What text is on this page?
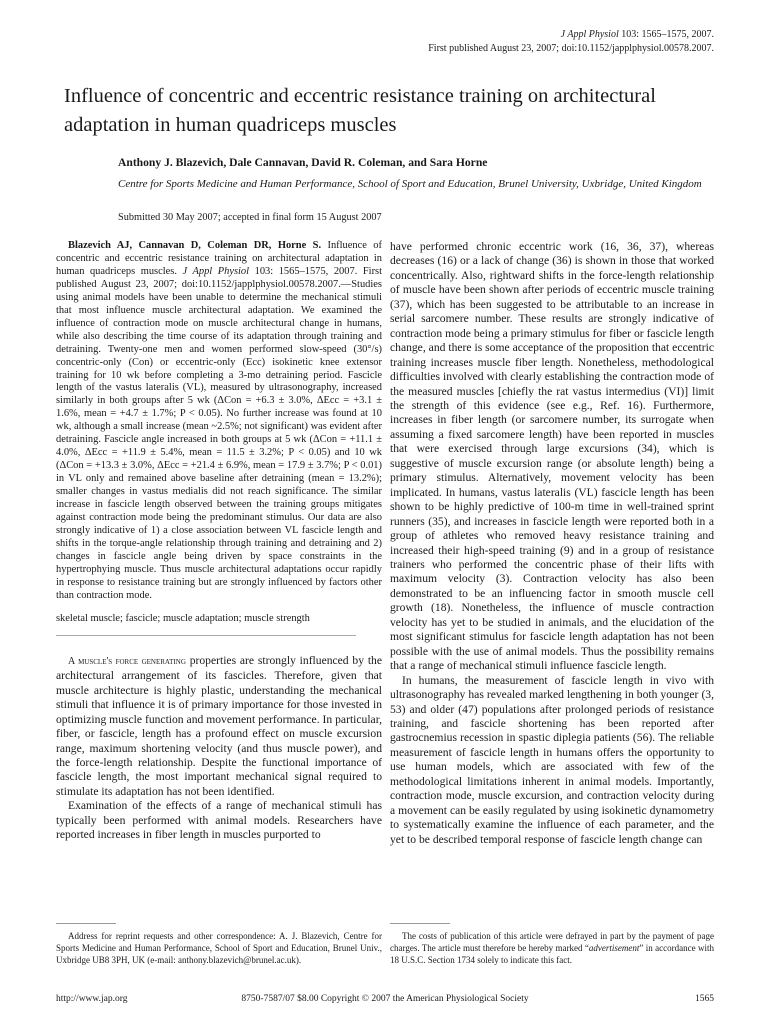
J Appl Physiol 103: 1565–1575, 2007.
First published August 23, 2007; doi:10.1152/japplphysiol.00578.2007.
Influence of concentric and eccentric resistance training on architectural adaptation in human quadriceps muscles
Anthony J. Blazevich, Dale Cannavan, David R. Coleman, and Sara Horne
Centre for Sports Medicine and Human Performance, School of Sport and Education, Brunel University, Uxbridge, United Kingdom
Submitted 30 May 2007; accepted in final form 15 August 2007

Blazevich AJ, Cannavan D, Coleman DR, Horne S. Influence of concentric and eccentric resistance training on architectural adaptation in human quadriceps muscles. J Appl Physiol 103: 1565–1575, 2007. First published August 23, 2007; doi:10.1152/japplphysiol.00578.2007.—Studies using animal models have been unable to determine the mechanical stimuli that most influence muscle architectural adaptation. We examined the influence of contraction mode on muscle architectural change in humans, while also describing the time course of its adaptation through training and detraining. Twenty-one men and women performed slow-speed (30°/s) concentric-only (Con) or eccentric-only (Ecc) isokinetic knee extensor training for 10 wk before completing a 3-mo detraining period. Fascicle length of the vastus lateralis (VL), measured by ultrasonography, increased similarly in both groups after 5 wk (ΔCon = +6.3 ± 3.0%, ΔEcc = +3.1 ± 1.6%, mean = +4.7 ± 1.7%; P < 0.05). No further increase was found at 10 wk, although a small increase (mean ~2.5%; not significant) was evident after detraining. Fascicle angle increased in both groups at 5 wk (ΔCon = +11.1 ± 4.0%, ΔEcc = +11.9 ± 5.4%, mean = 11.5 ± 3.2%; P < 0.05) and 10 wk (ΔCon = +13.3 ± 3.0%, ΔEcc = +21.4 ± 6.9%, mean = 17.9 ± 3.7%; P < 0.01) in VL only and remained above baseline after detraining (mean = 13.2%); smaller changes in vastus medialis did not reach significance. The similar increase in fascicle length observed between the training groups mitigates against contraction mode being the predominant stimulus. Our data are also strongly indicative of 1) a close association between VL fascicle length and shifts in the torque-angle relationship through training and detraining and 2) changes in fascicle angle being driven by space constraints in the hypertrophying muscle. Thus muscle architectural adaptations occur rapidly in response to resistance training but are strongly influenced by factors other than contraction mode.

skeletal muscle; fascicle; muscle adaptation; muscle strength

A muscle's force generating properties are strongly influenced by the architectural arrangement of its fascicles. Therefore, given that muscle architecture is highly plastic, understanding the mechanical stimuli that influence it is of primary importance for those invested in optimizing muscle function and movement performance. In particular, fiber, or fascicle, length has a profound effect on muscle excursion range, maximum shortening velocity (and thus muscle power), and the force-length relationship. Despite the functional importance of fascicle length, the most important mechanical signal required to stimulate its adaptation has not been identified.

Examination of the effects of a range of mechanical stimuli has typically been performed with animal models. Researchers have reported increases in fiber length in muscles purported to

have performed chronic eccentric work (16, 36, 37), whereas decreases (16) or a lack of change (36) is shown in those that worked concentrically. Also, rightward shifts in the force-length relationship of muscle have been shown after periods of eccentric muscle training (37), which has been suggested to be attributable to an increase in serial sarcomere number. These results are strongly indicative of contraction mode being a primary stimulus for fiber or fascicle length change, and there is some acceptance of the proposition that eccentric training increases muscle fiber length. Nonetheless, methodological difficulties involved with clearly establishing the contraction mode of the measured muscles [chiefly the rat vastus intermedius (VI)] limit the strength of this evidence (see e.g., Ref. 16). Furthermore, increases in fiber length (or sarcomere number, its surrogate when assuming a fixed sarcomere length) have been reported in muscles that were exercised through large excursions (34), which is suggestive of muscle excursion range (or absolute length) being a primary stimulus. Alternatively, movement velocity has been implicated. In humans, vastus lateralis (VL) fascicle length has been shown to be highly predictive of 100-m time in well-trained sprint runners (35), and increases in fascicle length were reported both in a group of athletes who removed heavy resistance training and increased their high-speed training (9) and in a group of resistance trainers who performed the concentric phase of their lifts with maximum velocity (3). Contraction velocity has also been demonstrated to be an influencing factor in smooth muscle cell growth (18). Nonetheless, the influence of muscle contraction velocity has yet to be studied in animals, and the elucidation of the most significant stimulus for fascicle length adaptation has not been possible with the use of animal models. Thus the possibility remains that a range of mechanical stimuli influence fascicle length.

In humans, the measurement of fascicle length in vivo with ultrasonography has revealed marked lengthening in both younger (3, 53) and older (47) populations after prolonged periods of resistance training, and fascicle shortening has been reported after gastrocnemius recession in spastic diplegia patients (56). The reliable measurement of fascicle length in humans offers the opportunity to use human models, which are associated with few of the methodological limitations inherent in animal models. Importantly, contraction mode, muscle excursion, and contraction velocity during a movement can be easily regulated by using isokinetic dynamometry to systematically examine the influence of each parameter, and the yet to be described temporal response of fascicle length change can

Address for reprint requests and other correspondence: A. J. Blazevich, Centre for Sports Medicine and Human Performance, School of Sport and Education, Brunel Univ., Uxbridge UB8 3PH, UK (e-mail: anthony.blazevich@brunel.ac.uk).
The costs of publication of this article were defrayed in part by the payment of page charges. The article must therefore be hereby marked “advertisement” in accordance with 18 U.S.C. Section 1734 solely to indicate this fact.
http://www.jap.org	8750-7587/07 $8.00 Copyright © 2007 the American Physiological Society	1565
